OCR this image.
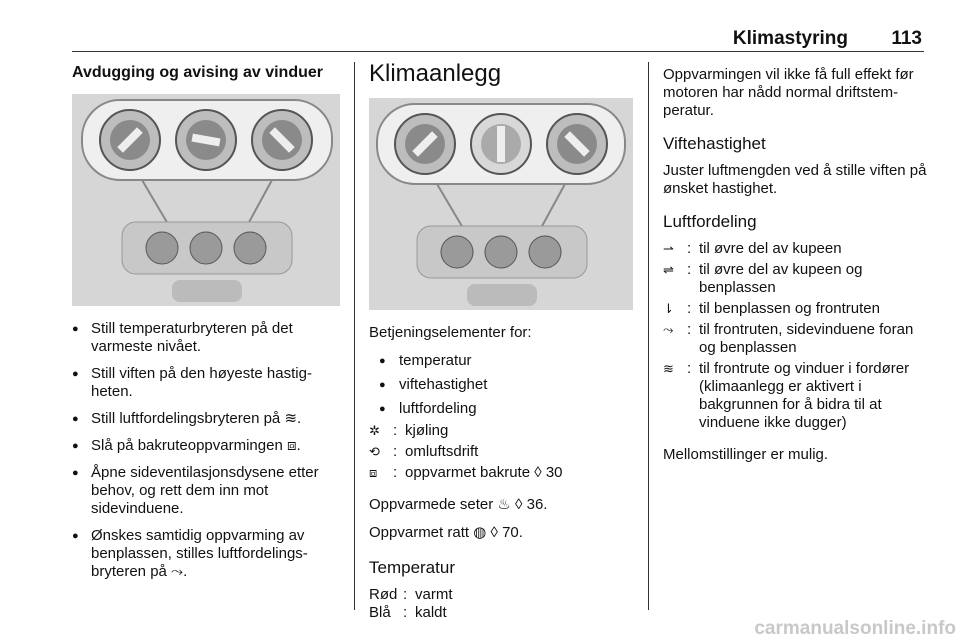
Klimastyring 113
Avdugging og avising av vinduer
● Still temperaturbryteren på det varmeste nivået.
● Still viften på den høyeste hastig-heten.
● Still luftfordelingsbryteren på ≋.
● Slå på bakruteoppvarmingen ⧈.
● Åpne sideventilasjonsdysene etter behov, og rett dem inn mot sidevinduene.
● Ønskes samtidig oppvarming av benplassen, stilles luftfordelings-bryteren på ⤳.
Klimaanlegg
Betjeningselementer for:
● temperatur
● viftehastighet
● luftfordeling
✲ : kjøling
⟲ : omluftsdrift
⧈	: oppvarmet bakrute ◊ 30
Oppvarmede seter ♨ ◊ 36.
Oppvarmet ratt ◍ ◊ 70.
Temperatur
Rød : varmt
Blå : kaldt
Oppvarmingen vil ikke få full effekt før motoren har nådd normal driftstem-peratur.
Viftehastighet
Juster luftmengden ved å stille viften på ønsket hastighet.
Luftfordeling
⇀ : til øvre del av kupeen
⇌ : til øvre del av kupeen og benplassen
⇂ : til benplassen og frontruten
⤳ : til frontruten, sidevinduene foran og benplassen
≋ : til frontrute og vinduer i fordører (klimaanlegg er aktivert i bakgrunnen for å bidra til at vinduene ikke dugger)
Mellomstillinger er mulig.
carmanualsonline.info
